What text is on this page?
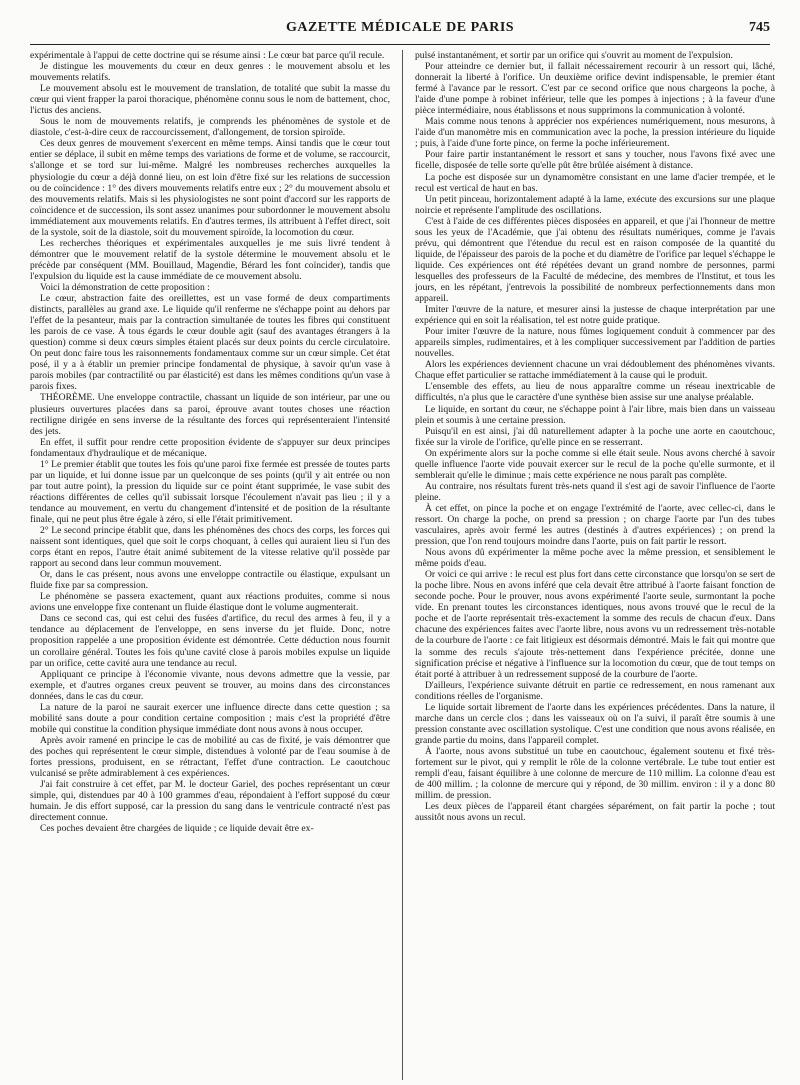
GAZETTE MÉDICALE DE PARIS	745

expérimentale à l'appui de cette doctrine qui se résume ainsi : Le cœur bat parce qu'il recule.

Je distingue les mouvements du cœur en deux genres : le mouvement absolu et les mouvements relatifs.

Le mouvement absolu est le mouvement de translation, de totalité que subit la masse du cœur qui vient frapper la paroi thoracique, phénomène connu sous le nom de battement, choc, l'ictus des anciens.

Sous le nom de mouvements relatifs, je comprends les phénomènes de systole et de diastole, c'est-à-dire ceux de raccourcissement, d'allongement, de torsion spiroïde.

Ces deux genres de mouvement s'exercent en même temps. Ainsi tandis que le cœur tout entier se déplace, il subit en même temps des variations de forme et de volume, se raccourcit, s'allonge et se tord sur lui-même. Malgré les nombreuses recherches auxquelles la physiologie du cœur a déjà donné lieu, on est loin d'être fixé sur les relations de succession ou de coïncidence : 1° des divers mouvements relatifs entre eux ; 2° du mouvement absolu et des mouvements relatifs. Mais si les physiologistes ne sont point d'accord sur les rapports de coïncidence et de succession, ils sont assez unanimes pour subordonner le mouvement absolu immédiatement aux mouvements relatifs. En d'autres termes, ils attribuent à l'effet direct, soit de la systole, soit de la diastole, soit du mouvement spiroïde, la locomotion du cœur.

Les recherches théoriques et expérimentales auxquelles je me suis livré tendent à démontrer que le mouvement relatif de la systole détermine le mouvement absolu et le précède par conséquent (MM. Bouillaud, Magendie, Bérard les font coïncider), tandis que l'expulsion du liquide est la cause immédiate de ce mouvement absolu.

Voici la démonstration de cette proposition :

Le cœur, abstraction faite des oreillettes, est un vase formé de deux compartiments distincts, parallèles au grand axe. Le liquide qu'il renferme ne s'échappe point au dehors par l'effet de la pesanteur, mais par la contraction simultanée de toutes les fibres qui constituent les parois de ce vase. À tous égards le cœur double agit (sauf des avantages étrangers à la question) comme si deux cœurs simples étaient placés sur deux points du cercle circulatoire. On peut donc faire tous les raisonnements fondamentaux comme sur un cœur simple. Cet état posé, il y a à établir un premier principe fondamental de physique, à savoir qu'un vase à parois mobiles (par contractilité ou par élasticité) est dans les mêmes conditions qu'un vase à parois fixes.

THÉORÈME. Une enveloppe contractile, chassant un liquide de son intérieur, par une ou plusieurs ouvertures placées dans sa paroi, éprouve avant toutes choses une réaction rectiligne dirigée en sens inverse de la résultante des forces qui représenteraient l'intensité des jets.

En effet, il suffit pour rendre cette proposition évidente de s'appuyer sur deux principes fondamentaux d'hydraulique et de mécanique.

1° Le premier établit que toutes les fois qu'une paroi fixe fermée est pressée de toutes parts par un liquide, et lui donne issue par un quelconque de ses points (qu'il y ait entrée ou non par tout autre point), la pression du liquide sur ce point étant supprimée, le vase subit des réactions différentes de celles qu'il subissait lorsque l'écoulement n'avait pas lieu ; il y a tendance au mouvement, en vertu du changement d'intensité et de position de la résultante finale, qui ne peut plus être égale à zéro, si elle l'était primitivement.

2° Le second principe établit que, dans les phénomènes des chocs des corps, les forces qui naissent sont identiques, quel que soit le corps choquant, à celles qui auraient lieu si l'un des corps étant en repos, l'autre était animé subitement de la vitesse relative qu'il possède par rapport au second dans leur commun mouvement.

Or, dans le cas présent, nous avons une enveloppe contractile ou élastique, expulsant un fluide fixe par sa compression.

Le phénomène se passera exactement, quant aux réactions produites, comme si nous avions une enveloppe fixe contenant un fluide élastique dont le volume augmenterait.

Dans ce second cas, qui est celui des fusées d'artifice, du recul des armes à feu, il y a tendance au déplacement de l'enveloppe, en sens inverse du jet fluide. Donc, notre proposition rappelée a une proposition évidente est démontrée. Cette déduction nous fournit un corollaire général. Toutes les fois qu'une cavité close à parois mobiles expulse un liquide par un orifice, cette cavité aura une tendance au recul.

Appliquant ce principe à l'économie vivante, nous devons admettre que la vessie, par exemple, et d'autres organes creux peuvent se trouver, au moins dans des circonstances données, dans le cas du cœur.

La nature de la paroi ne saurait exercer une influence directe dans cette question ; sa mobilité sans doute a pour condition certaine composition ; mais c'est la propriété d'être mobile qui constitue la condition physique immédiate dont nous avons à nous occuper.

Après avoir ramené en principe le cas de mobilité au cas de fixité, je vais démontrer que des poches qui représentent le cœur simple, distendues à volonté par de l'eau soumise à de fortes pressions, produisent, en se rétractant, l'effet d'une contraction. Le caoutchouc vulcanisé se prête admirablement à ces expériences.

J'ai fait construire à cet effet, par M. le docteur Gariel, des poches représentant un cœur simple, qui, distendues par 40 à 100 grammes d'eau, répondaient à l'effort supposé du cœur humain. Je dis effort supposé, car la pression du sang dans le ventricule contracté n'est pas directement connue.

Ces poches devaient être chargées de liquide ; ce liquide devait être ex-

pulsé instantanément, et sortir par un orifice qui s'ouvrit au moment de l'expulsion.

Pour atteindre ce dernier but, il fallait nécessairement recourir à un ressort qui, lâché, donnerait la liberté à l'orifice. Un deuxième orifice devint indispensable, le premier étant fermé à l'avance par le ressort. C'est par ce second orifice que nous chargeons la poche, à l'aide d'une pompe à robinet inférieur, telle que les pompes à injections ; à la faveur d'une pièce intermédiaire, nous établissons et nous supprimons la communication à volonté.

Mais comme nous tenons à apprécier nos expériences numériquement, nous mesurons, à l'aide d'un manomètre mis en communication avec la poche, la pression intérieure du liquide ; puis, à l'aide d'une forte pince, on ferme la poche inférieurement.

Pour faire partir instantanément le ressort et sans y toucher, nous l'avons fixé avec une ficelle, disposée de telle sorte qu'elle pût être brûlée aisément à distance.

La poche est disposée sur un dynamomètre consistant en une lame d'acier trempée, et le recul est vertical de haut en bas.

Un petit pinceau, horizontalement adapté à la lame, exécute des excursions sur une plaque noircie et représente l'amplitude des oscillations.

C'est à l'aide de ces différentes pièces disposées en appareil, et que j'ai l'honneur de mettre sous les yeux de l'Académie, que j'ai obtenu des résultats numériques, comme je l'avais prévu, qui démontrent que l'étendue du recul est en raison composée de la quantité du liquide, de l'épaisseur des parois de la poche et du diamètre de l'orifice par lequel s'échappe le liquide. Ces expériences ont été répétées devant un grand nombre de personnes, parmi lesquelles des professeurs de la Faculté de médecine, des membres de l'Institut, et tous les jours, en les répétant, j'entrevois la possibilité de nombreux perfectionnements dans mon appareil.

Imiter l'œuvre de la nature, et mesurer ainsi la justesse de chaque interprétation par une expérience qui en soit la réalisation, tel est notre guide pratique.

Pour imiter l'œuvre de la nature, nous fûmes logiquement conduit à commencer par des appareils simples, rudimentaires, et à les compliquer successivement par l'addition de parties nouvelles.

Alors les expériences deviennent chacune un vrai dédoublement des phénomènes vivants. Chaque effet particulier se rattache immédiatement à la cause qui le produit.

L'ensemble des effets, au lieu de nous apparaître comme un réseau inextricable de difficultés, n'a plus que le caractère d'une synthèse bien assise sur une analyse préalable.

Le liquide, en sortant du cœur, ne s'échappe point à l'air libre, mais bien dans un vaisseau plein et soumis à une certaine pression.

Puisqu'il en est ainsi, j'ai dû naturellement adapter à la poche une aorte en caoutchouc, fixée sur la virole de l'orifice, qu'elle pince en se resserrant.

On expérimente alors sur la poche comme si elle était seule. Nous avons cherché à savoir quelle influence l'aorte vide pouvait exercer sur le recul de la poche qu'elle surmonte, et il semblerait qu'elle le diminue ; mais cette expérience ne nous paraît pas complète.

Au contraire, nos résultats furent très-nets quand il s'est agi de savoir l'influence de l'aorte pleine.

À cet effet, on pince la poche et on engage l'extrémité de l'aorte, avec cellec-ci, dans le ressort. On charge la poche, on prend sa pression ; on charge l'aorte par l'un des tubes vasculaires, après avoir fermé les autres (destinés à d'autres expériences) ; on prend la pression, que l'on rend toujours moindre dans l'aorte, puis on fait partir le ressort.

Nous avons dû expérimenter la même poche avec la même pression, et sensiblement le même poids d'eau.

Or voici ce qui arrive : le recul est plus fort dans cette circonstance que lorsqu'on se sert de la poche libre. Nous en avons inféré que cela devait être attribué à l'aorte faisant fonction de seconde poche. Pour le prouver, nous avons expérimenté l'aorte seule, surmontant la poche vide. En prenant toutes les circonstances identiques, nous avons trouvé que le recul de la poche et de l'aorte représentait très-exactement la somme des reculs de chacun d'eux. Dans chacune des expériences faites avec l'aorte libre, nous avons vu un redressement très-notable de la courbure de l'aorte : ce fait litigieux est désormais démontré. Mais le fait qui montre que la somme des reculs s'ajoute très-nettement dans l'expérience précitée, donne une signification précise et négative à l'influence sur la locomotion du cœur, que de tout temps on était porté à attribuer à un redressement supposé de la courbure de l'aorte.

D'ailleurs, l'expérience suivante détruit en partie ce redressement, en nous ramenant aux conditions réelles de l'organisme.

Le liquide sortait librement de l'aorte dans les expériences précédentes. Dans la nature, il marche dans un cercle clos ; dans les vaisseaux où on l'a suivi, il paraît être soumis à une pression constante avec oscillation systolique. C'est une condition que nous avons réalisée, en grande partie du moins, dans l'appareil complet.

À l'aorte, nous avons substitué un tube en caoutchouc, également soutenu et fixé très-fortement sur le pivot, qui y remplit le rôle de la colonne vertébrale. Le tube tout entier est rempli d'eau, faisant équilibre à une colonne de mercure de 110 millim. La colonne d'eau est de 400 millim. ; la colonne de mercure qui y répond, de 30 millim. environ : il y a donc 80 millim. de pression.

Les deux pièces de l'appareil étant chargées séparément, on fait partir la poche ; tout aussitôt nous avons un recul.
